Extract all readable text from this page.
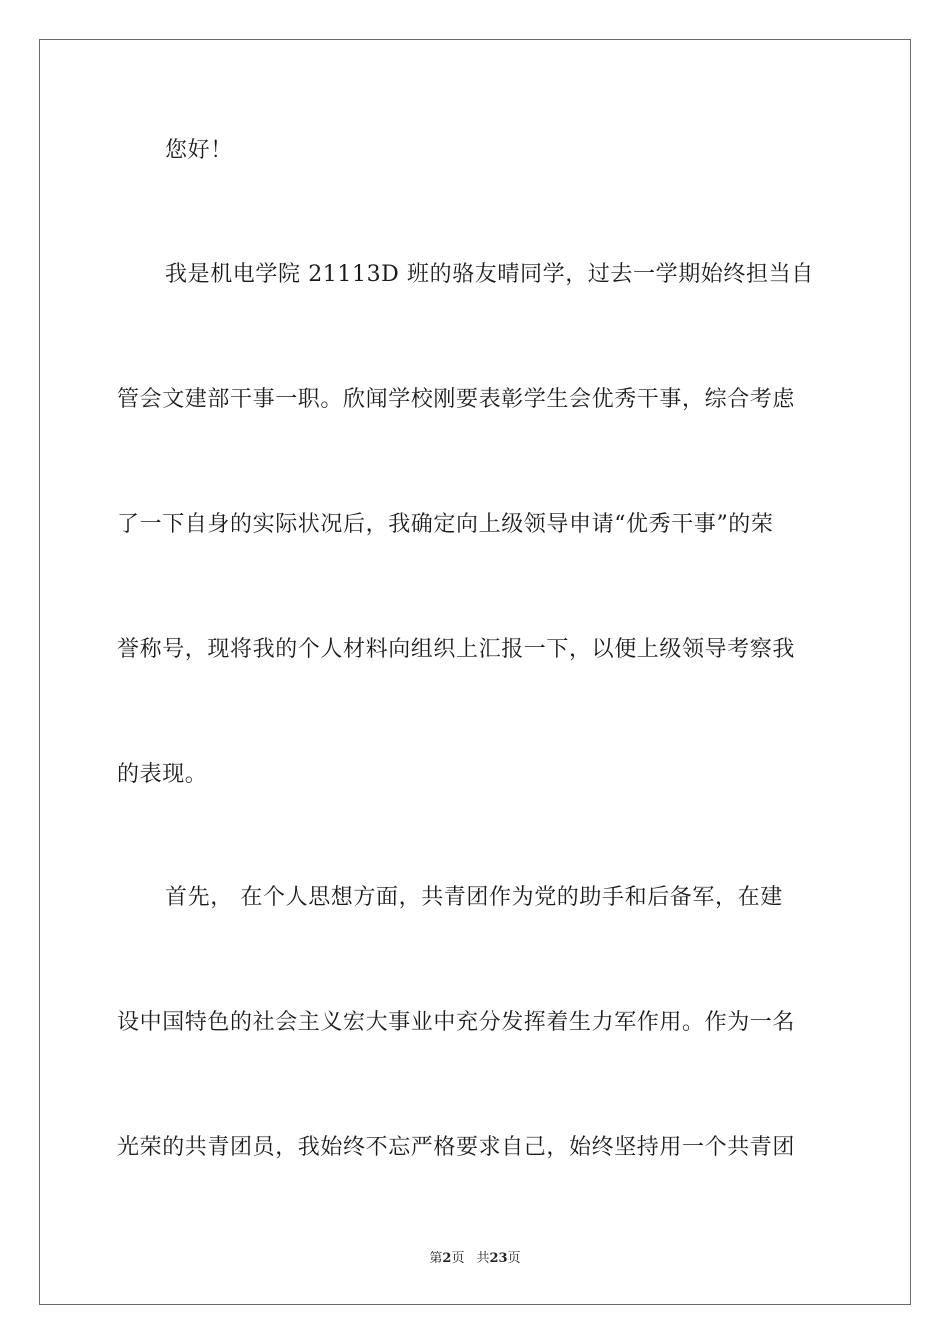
您好！
我是机电学院 21113D 班的骆友晴同学，过去一学期始终担当自
管会文建部干事一职。欣闻学校刚要表彰学生会优秀干事，综合考虑
了一下自身的实际状况后，我确定向上级领导申请“优秀干事”的荣
誉称号，现将我的个人材料向组织上汇报一下，以便上级领导考察我
的表现。
首先， 在个人思想方面，共青团作为党的助手和后备军，在建
设中国特色的社会主义宏大事业中充分发挥着生力军作用。作为一名
光荣的共青团员，我始终不忘严格要求自己，始终坚持用一个共青团
第2页 共23页
